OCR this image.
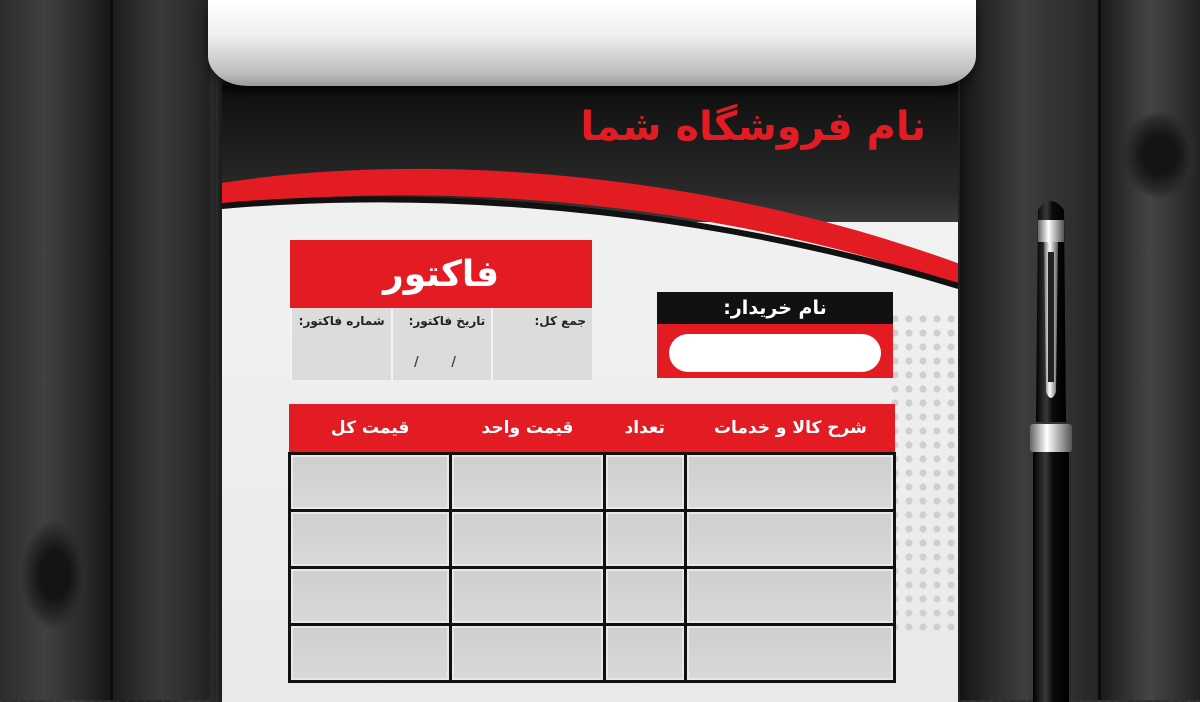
نام فروشگاه شما
فاکتور
جمع کل:
تاریخ فاکتور:
/ /
شماره فاکتور:
نام خریدار:
شرح کالا و خدمات	تعداد	قیمت واحد	قیمت کل
